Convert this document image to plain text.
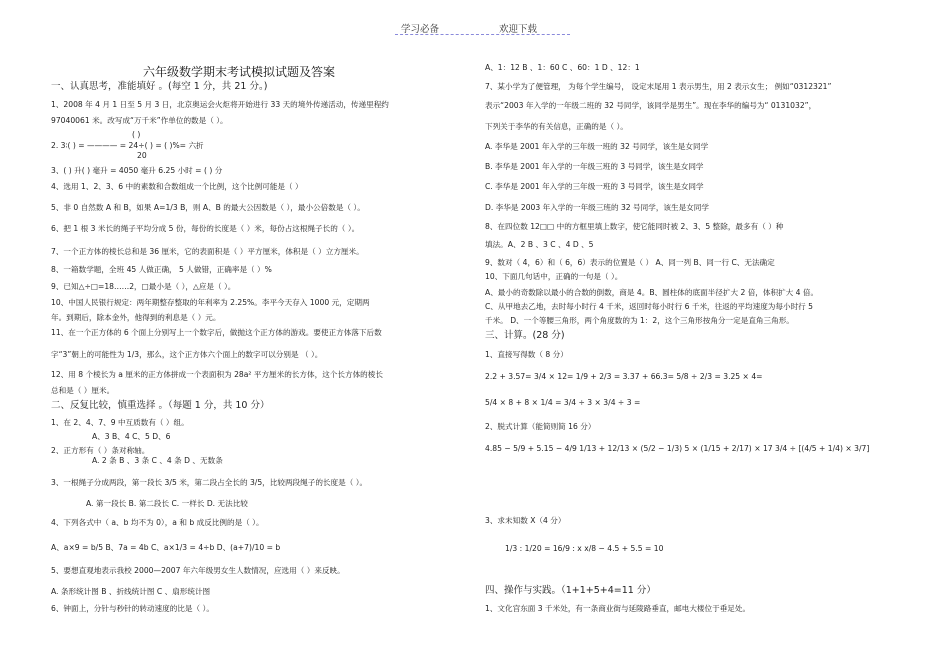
学习必备	欢迎下载
六年级数学期末考试模拟试题及答案
一、认真思考，准能填好 。(每空 1 分，共 21 分。)
1、2008 年 4 月 1 日至 5 月 3 日，北京奥运会火炬将开始进行 33 天的境外传递活动，传递里程约
97040061 米。改写成“万千米”作单位的数是（ ）。
( )
2. 3∶( ) = ———— = 24÷( ) = ( )%= 六折
20
3、( ) 升( ) 毫升 = 4050 毫升 6.25 小时 = ( ) 分
4、选用 1、2、3、6 中的素数和合数组成一个比例，这个比例可能是（ ）
5、非 0 自然数 A 和 B，如果 A=1/3 B，则 A、B 的最大公因数是（ ），最小公倍数是（ ）。
6、把 1 根 3 米长的绳子平均分成 5 份，每份的长度是（ ）米，每份占这根绳子长的（ ）。
7、一个正方体的棱长总和是 36 厘米，它的表面积是（ ）平方厘米，体积是（ ）立方厘米。
8、一箱数学题，全班 45 人做正确， 5 人做错，正确率是（ ）%
9、已知△÷□=18……2，□最小是（ ），△应是（ ）。
10、中国人民银行规定：两年期整存整取的年利率为 2.25%。李平今天存入 1000 元，定期两
年。到期后，除本金外，他得到的利息是（ ）元。
11、在一个正方体的 6 个面上分别写上一个数字后，做抛这个正方体的游戏。要使正方体落下后数
字“3”朝上的可能性为 1/3，那么，这个正方体六个面上的数字可以分别是 （ ）。
12、用 8 个棱长为 a 厘米的正方体拼成一个表面积为 28a² 平方厘米的长方体，这个长方体的棱长
总和是（ ）厘米。
二、反复比较，慎重选择 。（每题 1 分，共 10 分）
1、在 2、4、7、9 中互质数有（ ）组。
A、3 B、4 C、5 D、6
2、正方形有（ ）条对称轴。
A. 2 条 B 、3 条 C 、4 条 D 、无数条
3、一根绳子分成两段，第一段长 3/5 米，第二段占全长的 3/5，比较两段绳子的长度是（ ）。
A. 第一段长 B. 第二段长 C. 一样长 D. 无法比较
4、下列各式中（ a、b 均不为 0），a 和 b 成反比例的是（ ）。
A、a×9 = b/5 B、7a = 4b C、a×1/3 = 4÷b D、(a+7)/10 = b
5、要想直观地表示我校 2000—2007 年六年级男女生人数情况，应选用（ ）来反映。
A. 条形统计图 B 、折线统计图 C 、扇形统计图
6、钟面上，分针与秒针的转动速度的比是（ ）。
A、1：12 B 、1：60 C 、60：1 D 、12：1
7、某小学为了便管理， 为每个学生编号， 设定末尾用 1 表示男生，用 2 表示女生； 例如“0312321”
表示“2003 年入学的一年级二班的 32 号同学，该同学是男生”。现在李华的编号为“ 0131032”，
下列关于李华的有关信息，正确的是（ ）。
A. 李华是 2001 年入学的三年级一班的 32 号同学，该生是女同学
B. 李华是 2001 年入学的一年级三班的 3 号同学，该生是女同学
C. 李华是 2001 年入学的三年级一班的 3 号同学，该生是女同学
D. 李华是 2003 年入学的一年级三班的 32 号同学，该生是女同学
8、在四位数 12□□ 中的方框里填上数字，使它能同时被 2、3、5 整除，最多有（ ）种
填法。A、2 B 、3 C 、4 D 、5
9、数对（ 4，6）和（ 6，6）表示的位置是（ ） A、同一列 B、同一行 C、无法确定
10、下面几句话中，正确的一句是（ ）。
A、最小的奇数除以最小的合数的倒数，商是 4。B、圆柱体的底面半径扩大 2 倍，体积扩大 4 倍。
C、从甲地去乙地，去时每小时行 4 千米，返回时每小时行 6 千米，往返的平均速度为每小时行 5
千米。 D、一个等腰三角形，两个角度数的为 1：2，这个三角形按角分一定是直角三角形。
三、计算。(28 分)
1、直接写得数（ 8 分）
2.2 + 3.57= 3/4 × 12= 1/9 + 2/3 = 3.37 + 66.3= 5/8 ÷ 2/3 = 3.25 × 4=
5/4 × 8 + 8 × 1/4 = 3/4 ÷ 3 × 3/4 ÷ 3 =
2、脱式计算（能简则简 16 分）
4.85 − 5/9 + 5.15 − 4/9 1/13 + 12/13 × (5/2 − 1/3) 5 × (1/15 + 2/17) × 17 3/4 ÷ [(4/5 + 1/4) × 3/7]
3、求未知数 X（4 分）
1/3 : 1/20 = 16/9 : x x/8 − 4.5 + 5.5 = 10
四、操作与实践。（1+1+5+4=11 分）
1、文化宫东面 3 千米处，有一条商业街与延陵路垂直，邮电大楼位于垂足处。
